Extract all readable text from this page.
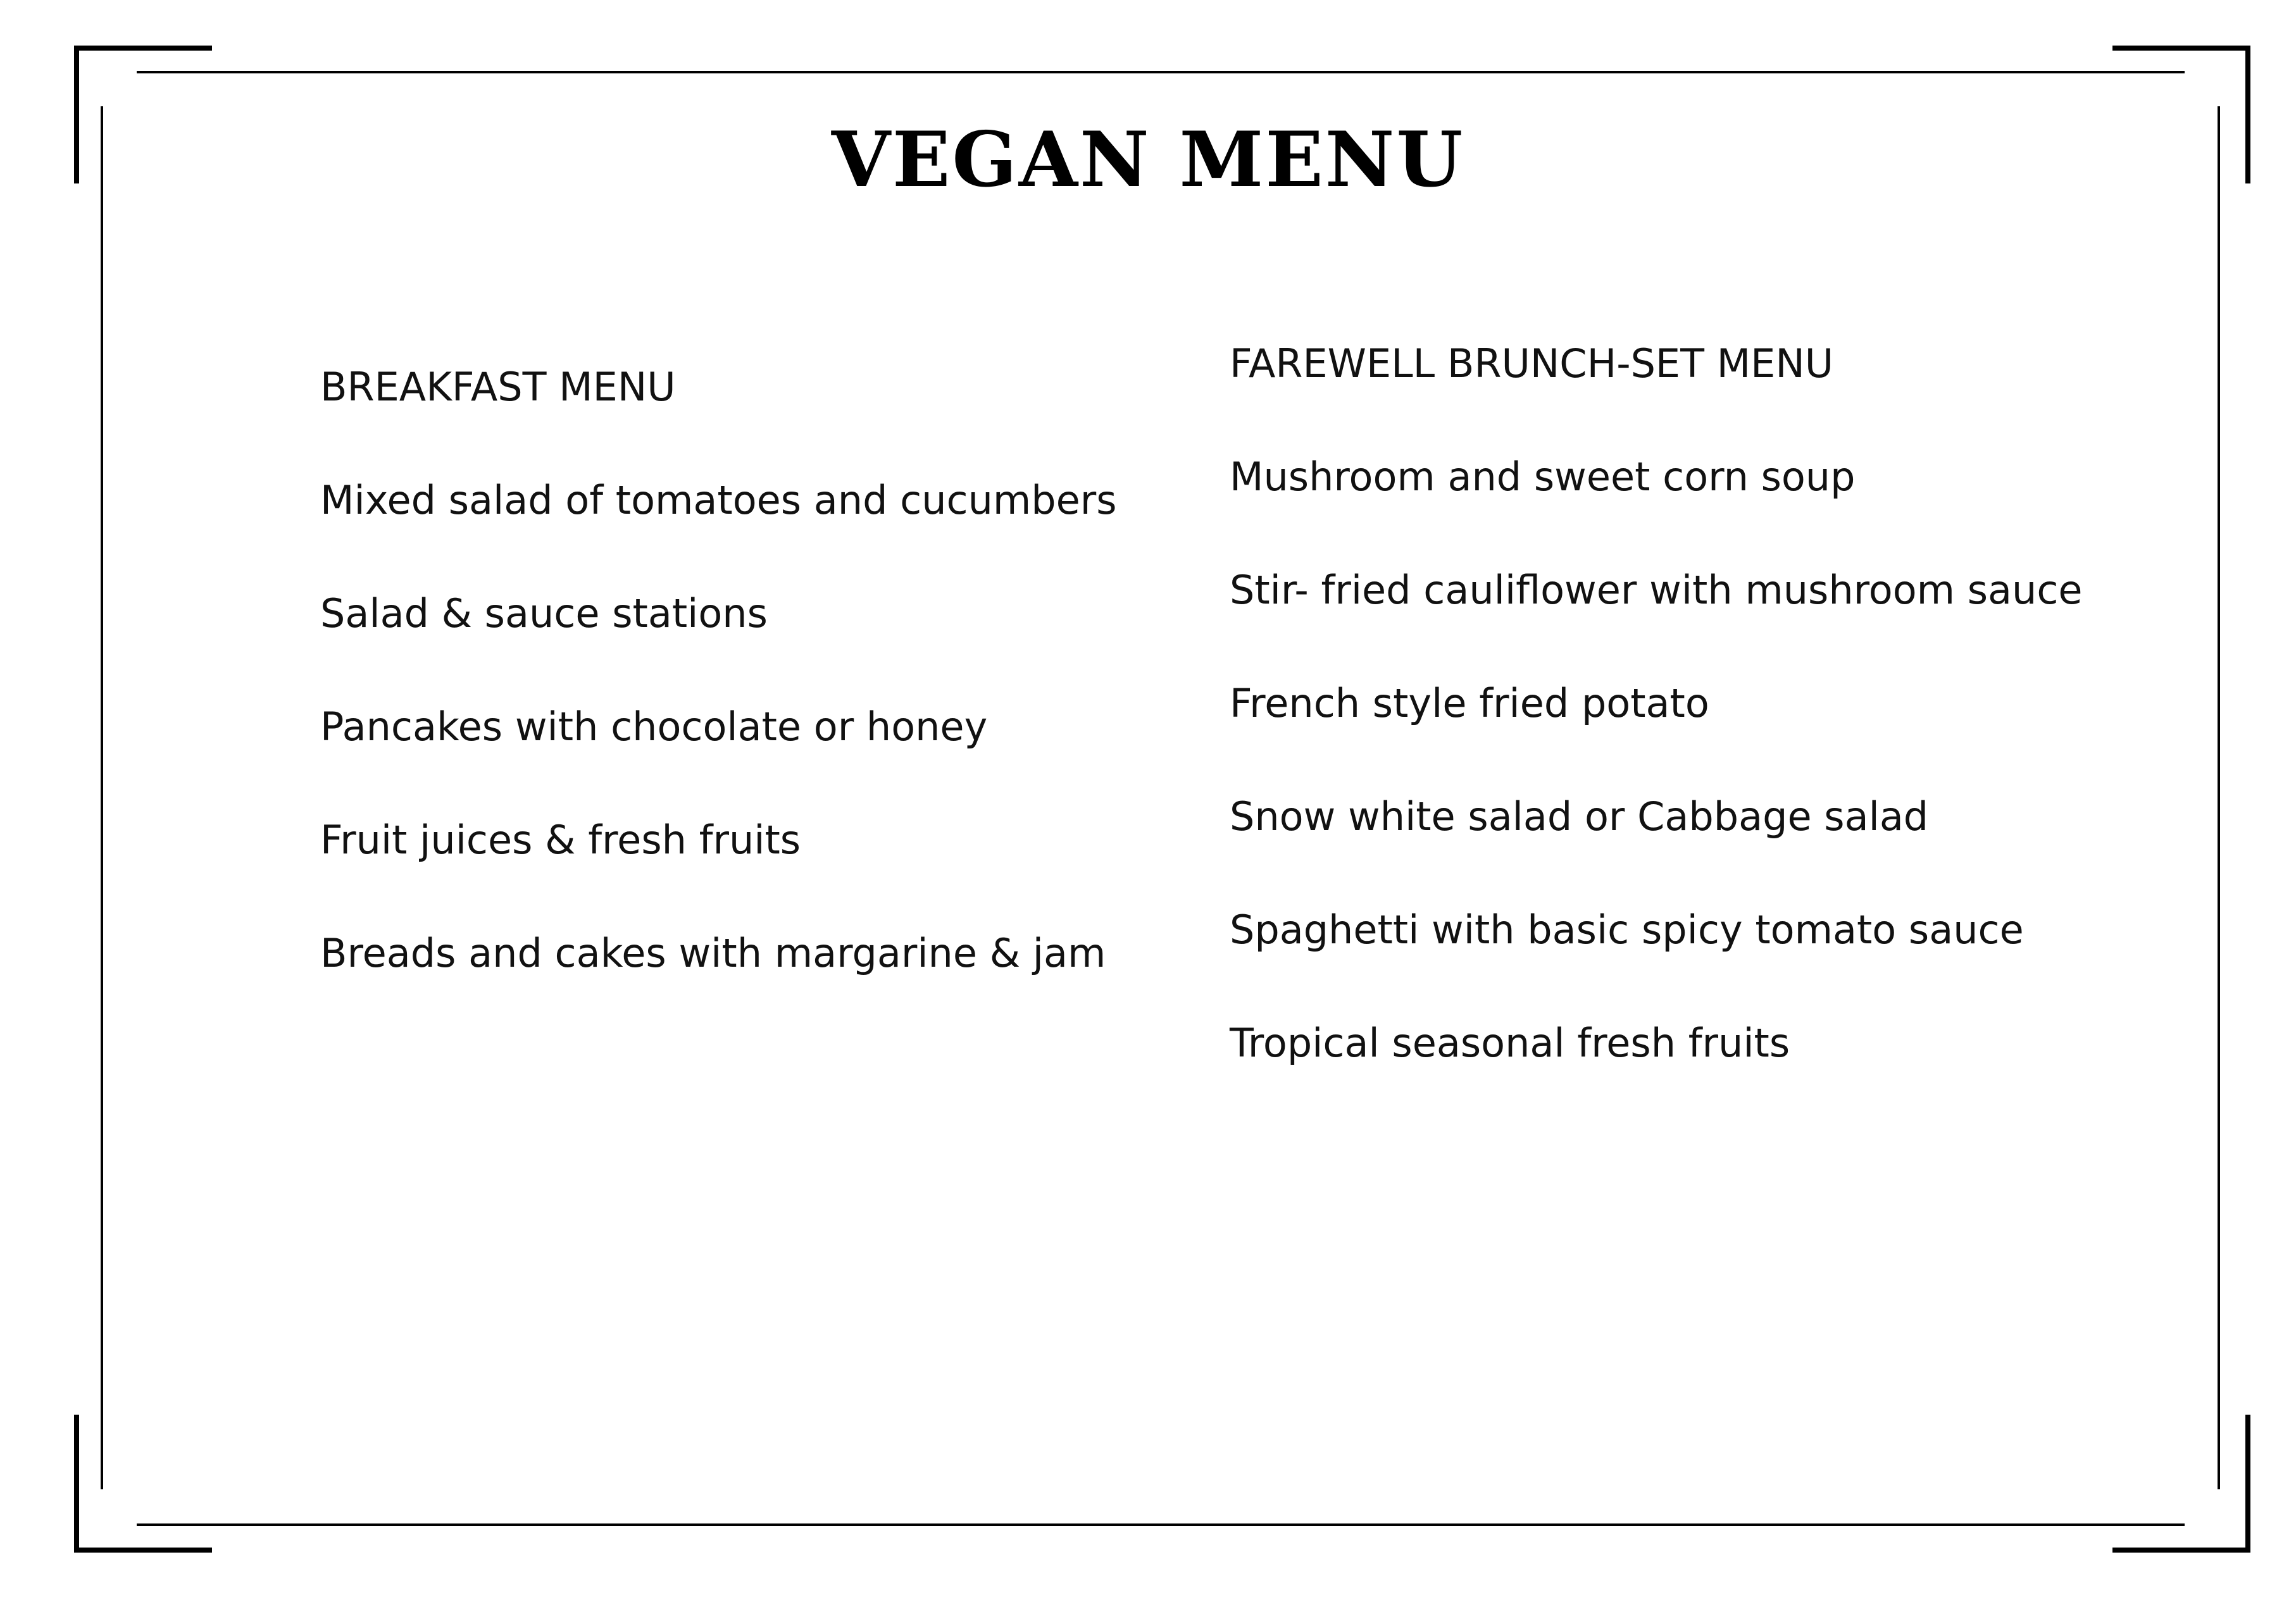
VEGAN MENU
BREAKFAST MENU
Mixed salad of tomatoes and cucumbers
Salad & sauce stations
Pancakes with chocolate or honey
Fruit juices & fresh fruits
Breads and cakes with margarine & jam
FAREWELL BRUNCH-SET MENU
Mushroom and sweet corn soup
Stir- fried cauliflower with mushroom sauce
French style fried potato
Snow white salad or Cabbage salad
Spaghetti with basic spicy tomato sauce
Tropical seasonal fresh fruits
